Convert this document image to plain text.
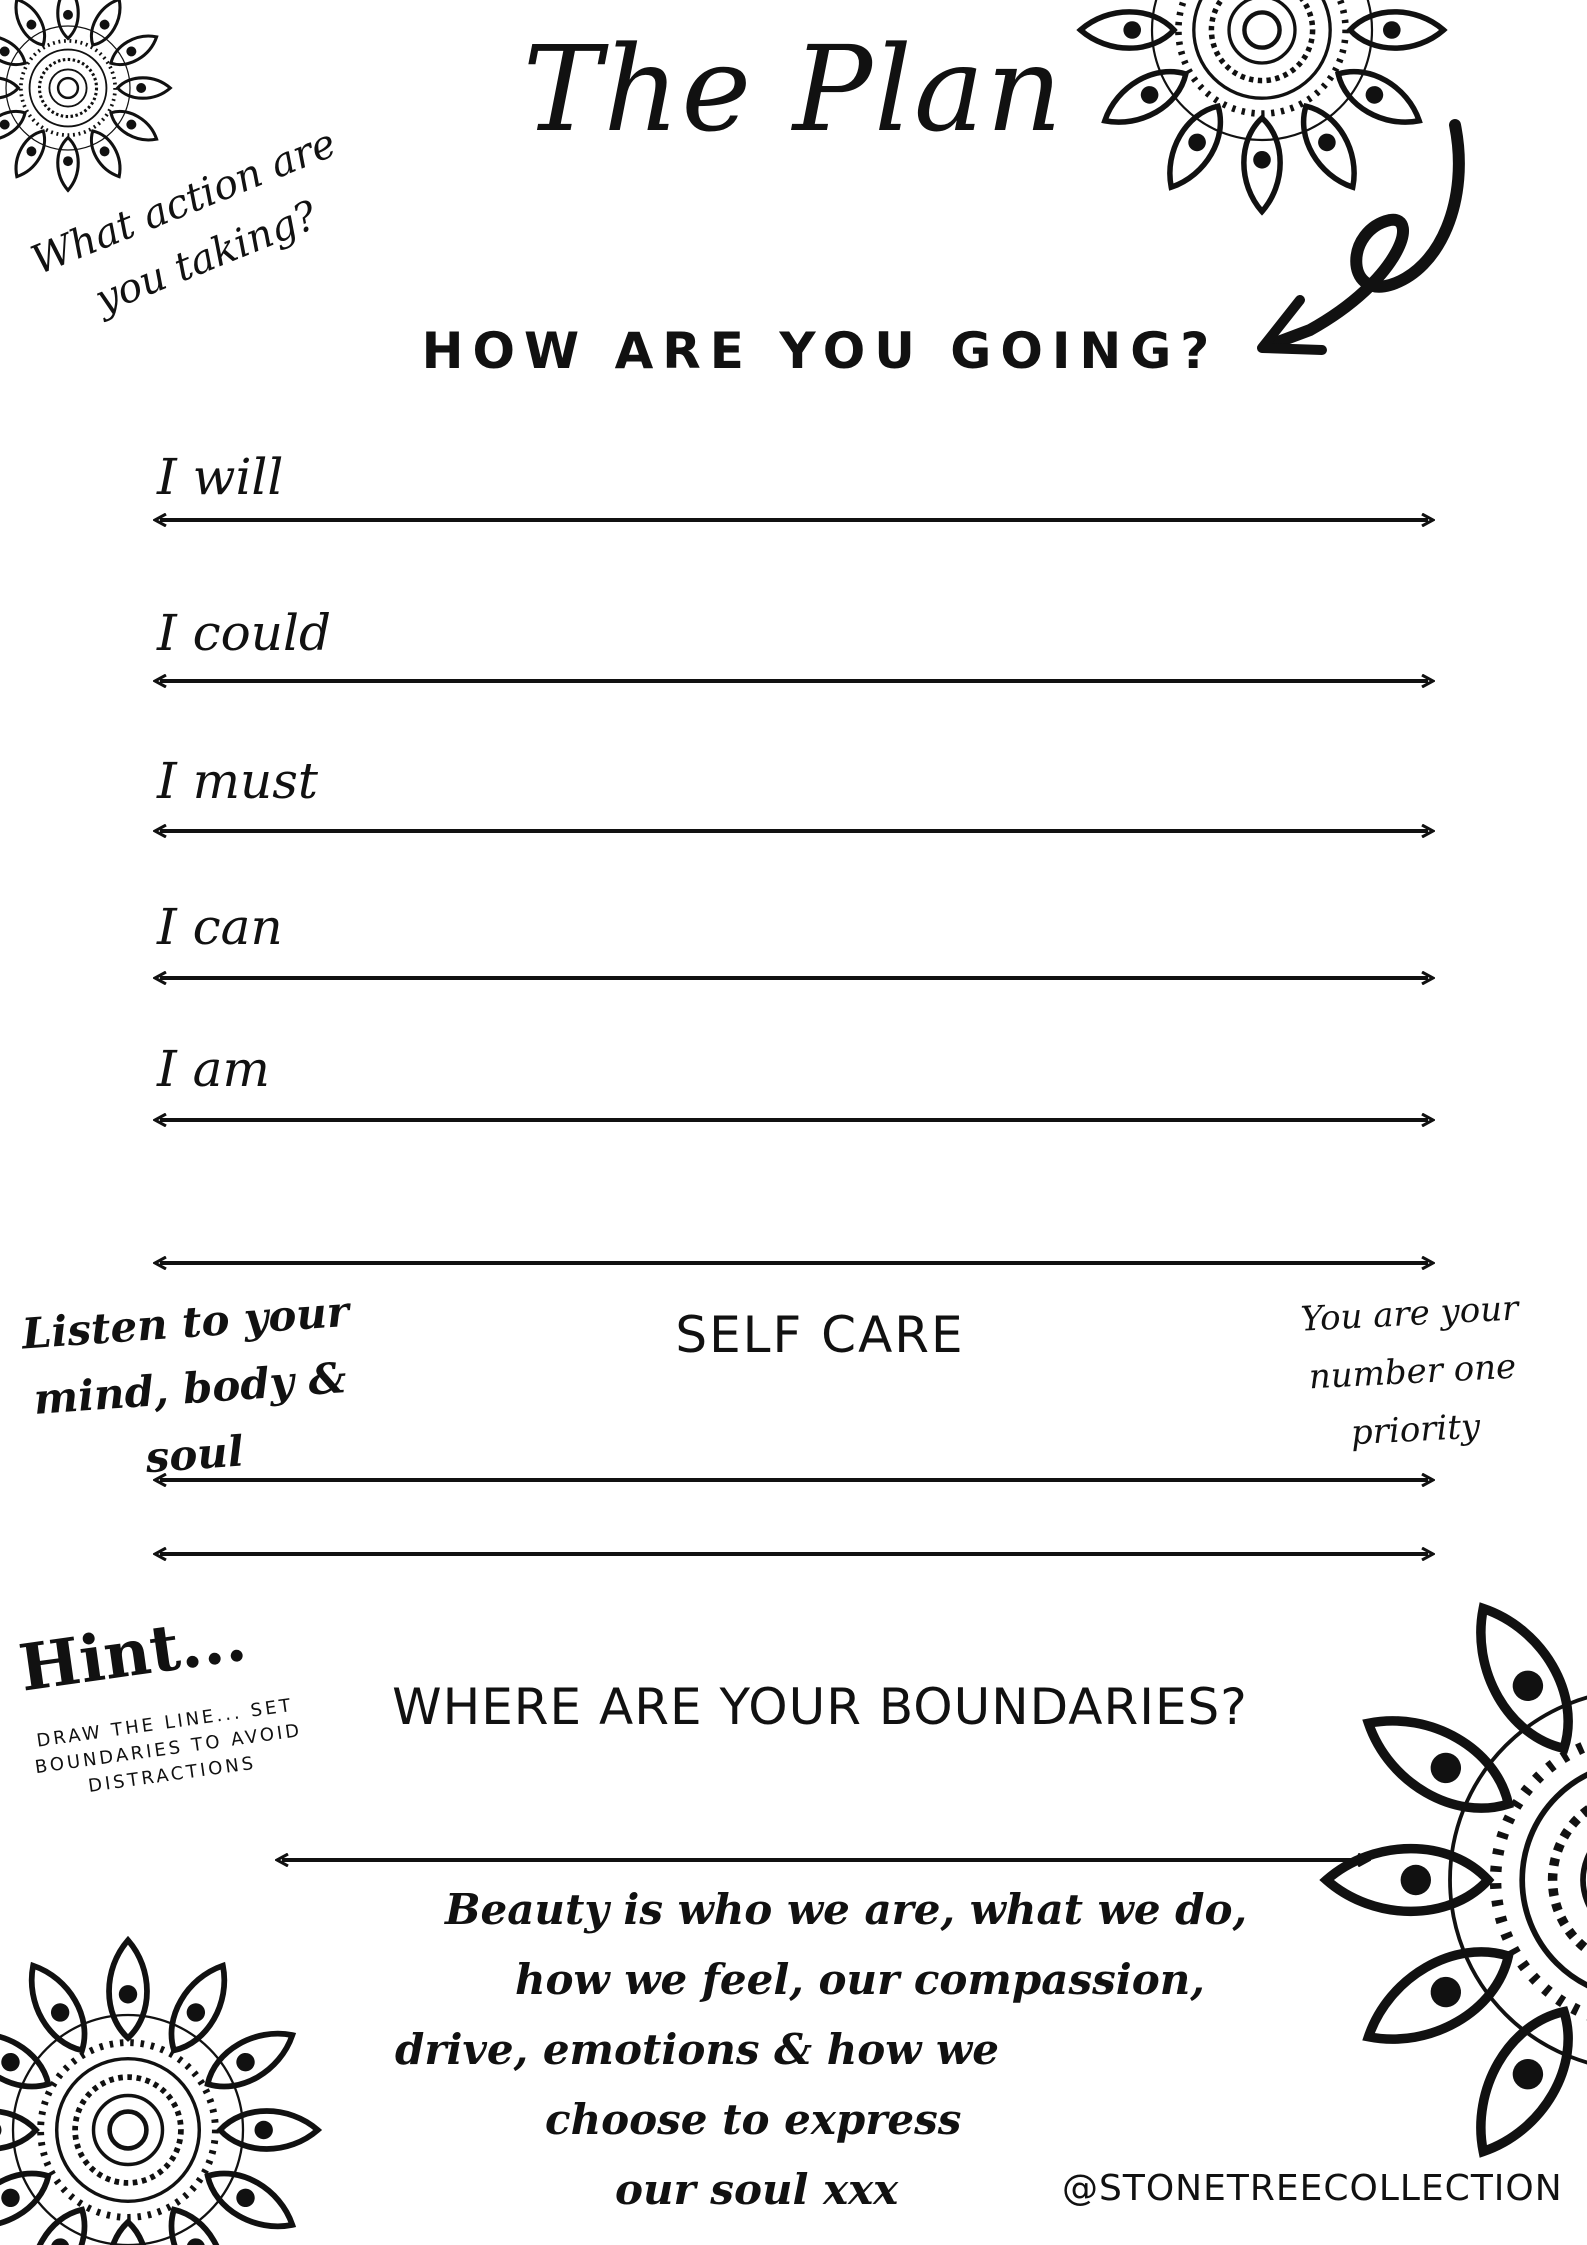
The Plan
What action are you taking?
HOW ARE YOU GOING?
I will
I could
I must
I can
I am
Listen to your mind, body & soul
SELF CARE	You are your number one priority
Hint...
DRAW THE LINE... SET BOUNDARIES TO AVOID DISTRACTIONS
WHERE ARE YOUR BOUNDARIES?
Beauty is who we are, what we do,
how we feel, our compassion,
drive, emotions & how we
choose to express
our soul xxx	@STONETREECOLLECTION
